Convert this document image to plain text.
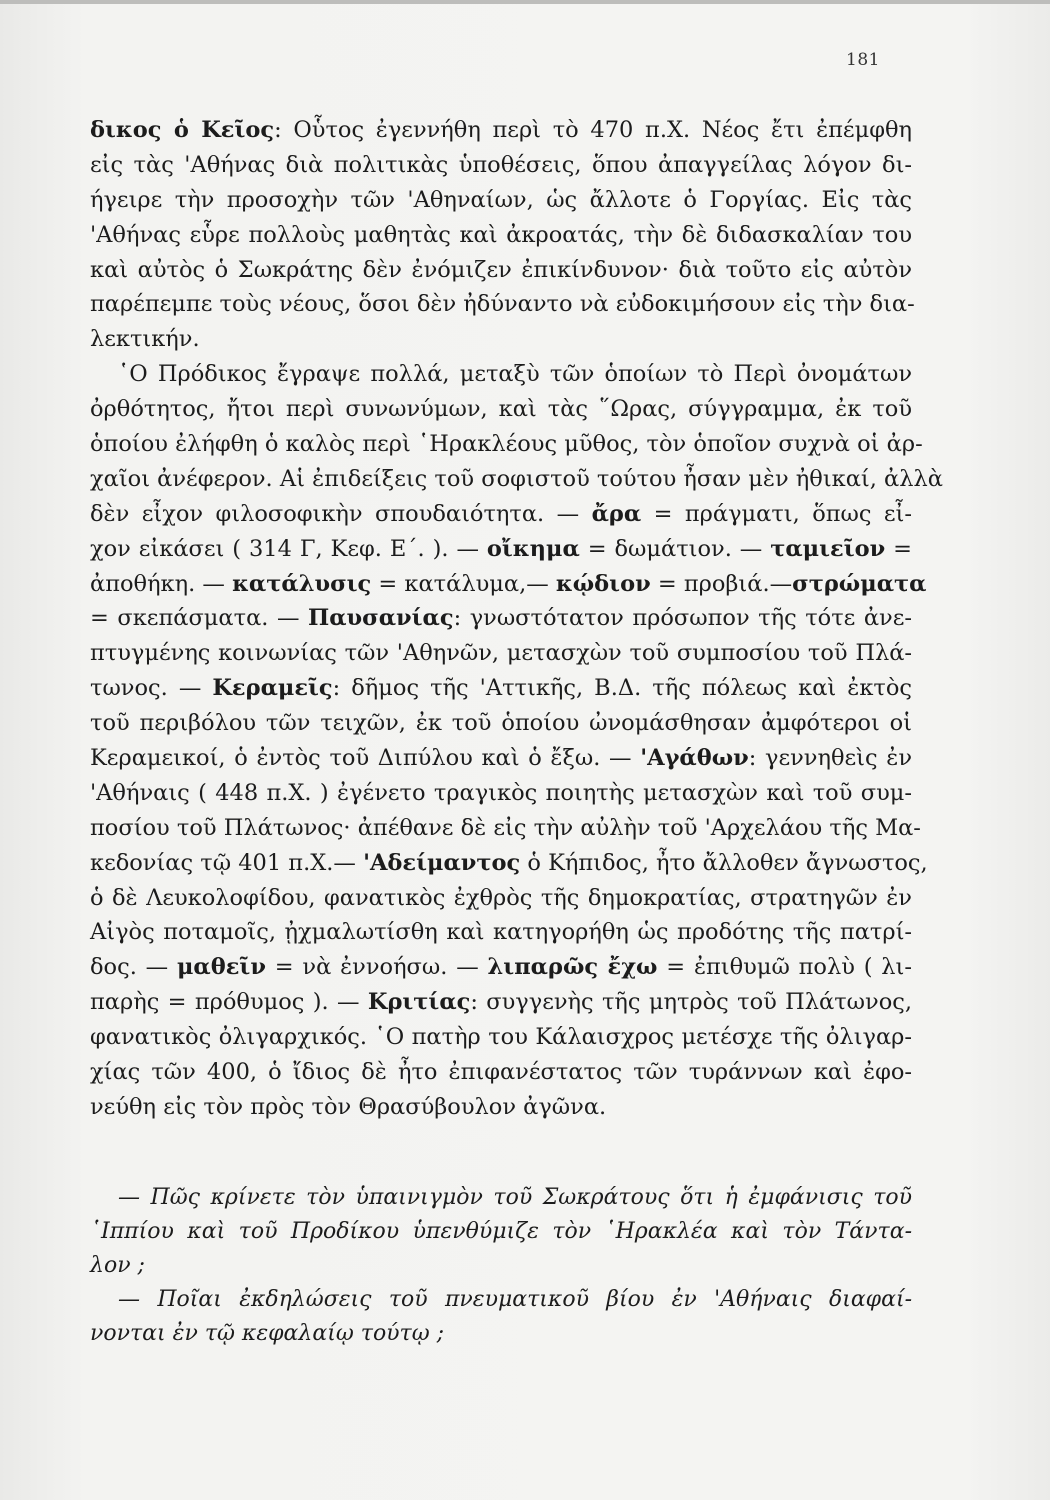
181
δικος ὁ Κεῖος: Οὗτος ἐγεννήθη περὶ τὸ 470 π.Χ. Νέος ἔτι ἐπέμφθη
εἰς τὰς 'Αθήνας διὰ πολιτικὰς ὑποθέσεις, ὅπου ἀπαγγείλας λόγον δι-
ήγειρε τὴν προσοχὴν τῶν 'Αθηναίων, ὡς ἄλλοτε ὁ Γοργίας. Εἰς τὰς
'Αθήνας εὗρε πολλοὺς μαθητὰς καὶ ἀκροατάς, τὴν δὲ διδασκαλίαν του
καὶ αὐτὸς ὁ Σωκράτης δὲν ἐνόμιζεν ἐπικίνδυνον· διὰ τοῦτο εἰς αὐτὸν
παρέπεμπε τοὺς νέους, ὅσοι δὲν ἠδύναντο νὰ εὐδοκιμήσουν εἰς τὴν δια-
λεκτικήν.
῾Ο Πρόδικος ἔγραψε πολλά, μεταξὺ τῶν ὁποίων τὸ Περὶ ὀνομάτων
ὀρθότητος, ἤτοι περὶ συνωνύμων, καὶ τὰς ῞Ωρας, σύγγραμμα, ἐκ τοῦ
ὁποίου ἐλήφθη ὁ καλὸς περὶ ῾Ηρακλέους μῦθος, τὸν ὁποῖον συχνὰ οἱ ἀρ-
χαῖοι ἀνέφερον. Αἱ ἐπιδείξεις τοῦ σοφιστοῦ τούτου ἦσαν μὲν ἠθικαί, ἀλλὰ
δὲν εἶχον φιλοσοφικὴν σπουδαιότητα. — ἄρα = πράγματι, ὅπως εἶ-
χον εἰκάσει ( 314 Γ, Κεφ. Ε΄. ). — οἴκημα = δωμάτιον. — ταμιεῖον =
ἀποθήκη. — κατάλυσις = κατάλυμα,— κῴδιον = προβιά.—στρώματα
= σκεπάσματα. — Παυσανίας: γνωστότατον πρόσωπον τῆς τότε ἀνε-
πτυγμένης κοινωνίας τῶν 'Αθηνῶν, μετασχὼν τοῦ συμποσίου τοῦ Πλά-
τωνος. — Κεραμεῖς: δῆμος τῆς 'Αττικῆς, Β.Δ. τῆς πόλεως καὶ ἐκτὸς
τοῦ περιβόλου τῶν τειχῶν, ἐκ τοῦ ὁποίου ὠνομάσθησαν ἀμφότεροι οἱ
Κεραμεικοί, ὁ ἐντὸς τοῦ Διπύλου καὶ ὁ ἔξω. — 'Αγάθων: γεννηθεὶς ἐν
'Αθήναις ( 448 π.Χ. ) ἐγένετο τραγικὸς ποιητὴς μετασχὼν καὶ τοῦ συμ-
ποσίου τοῦ Πλάτωνος· ἀπέθανε δὲ εἰς τὴν αὐλὴν τοῦ 'Αρχελάου τῆς Μα-
κεδονίας τῷ 401 π.Χ.— 'Αδείμαντος ὁ Κήπιδος, ἦτο ἄλλοθεν ἄγνωστος,
ὁ δὲ Λευκολοφίδου, φανατικὸς ἐχθρὸς τῆς δημοκρατίας, στρατηγῶν ἐν
Αἰγὸς ποταμοῖς, ᾐχμαλωτίσθη καὶ κατηγορήθη ὡς προδότης τῆς πατρί-
δος. — μαθεῖν = νὰ ἐννοήσω. — λιπαρῶς ἔχω = ἐπιθυμῶ πολὺ ( λι-
παρὴς = πρόθυμος ). — Κριτίας: συγγενὴς τῆς μητρὸς τοῦ Πλάτωνος,
φανατικὸς ὀλιγαρχικός. ῾Ο πατὴρ του Κάλαισχρος μετέσχε τῆς ὀλιγαρ-
χίας τῶν 400, ὁ ἴδιος δὲ ἦτο ἐπιφανέστατος τῶν τυράννων καὶ ἐφο-
νεύθη εἰς τὸν πρὸς τὸν Θρασύβουλον ἀγῶνα.
— Πῶς κρίνετε τὸν ὑπαινιγμὸν τοῦ Σωκράτους ὅτι ἡ ἐμφάνισις τοῦ
῾Ιππίου καὶ τοῦ Προδίκου ὑπενθύμιζε τὸν ῾Ηρακλέα καὶ τὸν Τάντα-
λον ;
— Ποῖαι ἐκδηλώσεις τοῦ πνευματικοῦ βίου ἐν 'Αθήναις διαφαί-
νονται ἐν τῷ κεφαλαίῳ τούτῳ ;
